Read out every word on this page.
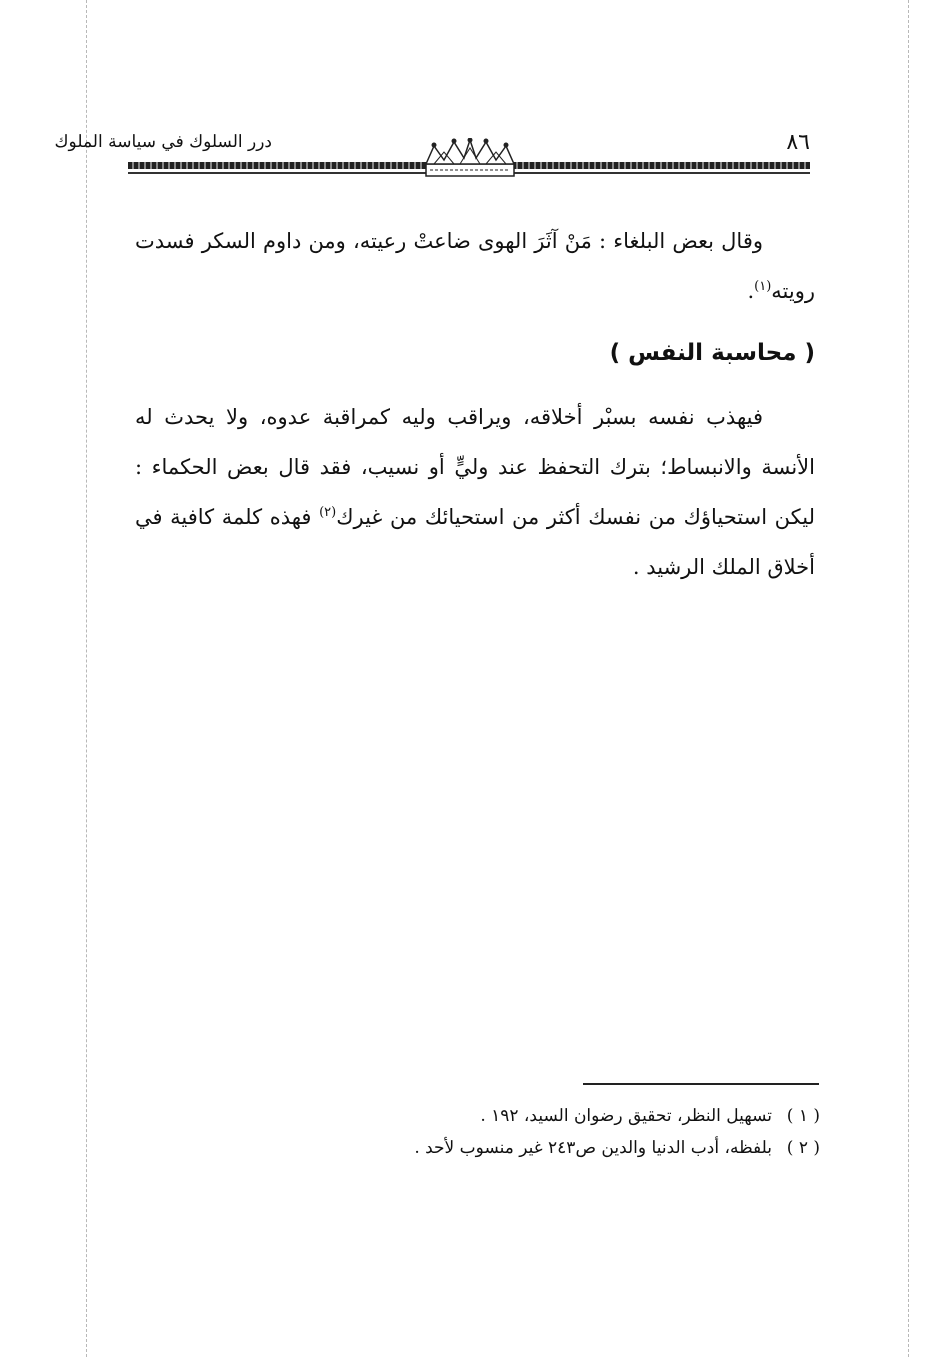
٨٦
درر السلوك في سياسة الملوك

وقال بعض البلغاء : مَنْ آثَرَ الهوى ضاعتْ رعيته، ومن داوم السكر فسدت رويته$^{(١)}$.

( محاسبة النفس )

فيهذب نفسه بسبْر أخلاقه، ويراقب وليه كمراقبة عدوه، ولا يحدث له الأنسة والانبساط؛ بترك التحفظ عند وليٍّ أو نسيب، فقد قال بعض الحكماء : ليكن استحياؤك من نفسك أكثر من استحيائك من غيرك$^{(٢)}$ فهذه كلمة كافية في أخلاق الملك الرشيد .

( ١ )تسهيل النظر، تحقيق رضوان السيد، ١٩٢ .
( ٢ )بلفظه، أدب الدنيا والدين ص٢٤٣ غير منسوب لأحد .
